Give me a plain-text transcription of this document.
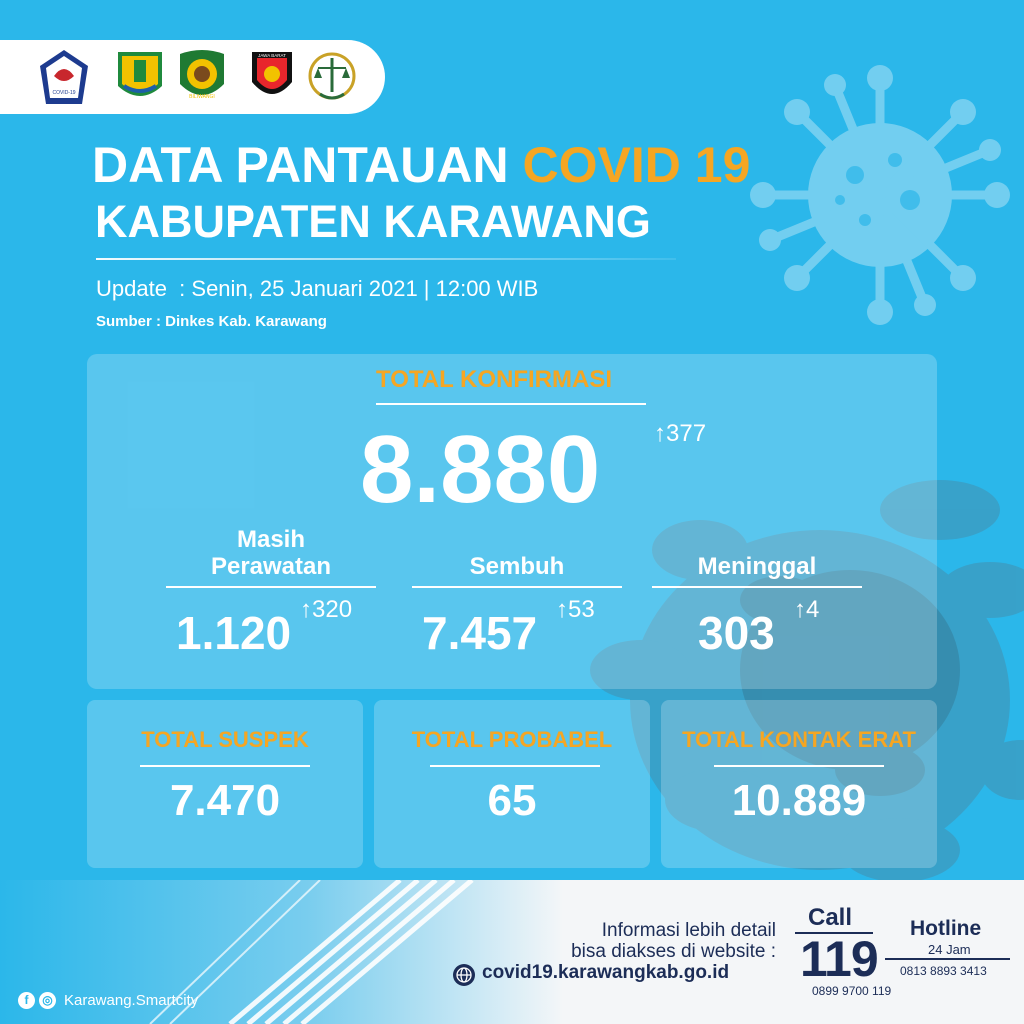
COVID-19
BILIWANGI
JAWA BARAT
DATA PANTAUAN COVID 19
KABUPATEN KARAWANG
Update  : Senin, 25 Januari 2021 | 12:00 WIB
Sumber : Dinkes Kab. Karawang
TOTAL KONFIRMASI
8.880 ↑377
Masih
Perawatan
1.120 ↑320
Sembuh
7.457 ↑53
Meninggal
303 ↑4
TOTAL SUSPEK
7.470
TOTAL PROBABEL
65
TOTAL KONTAK ERAT
10.889
Informasi lebih detail
bisa diakses di website :
covid19.karawangkab.go.id
Call
119
0899 9700 119
Hotline
24 Jam
0813 8893 3413
f	◎ Karawang.Smartcity
